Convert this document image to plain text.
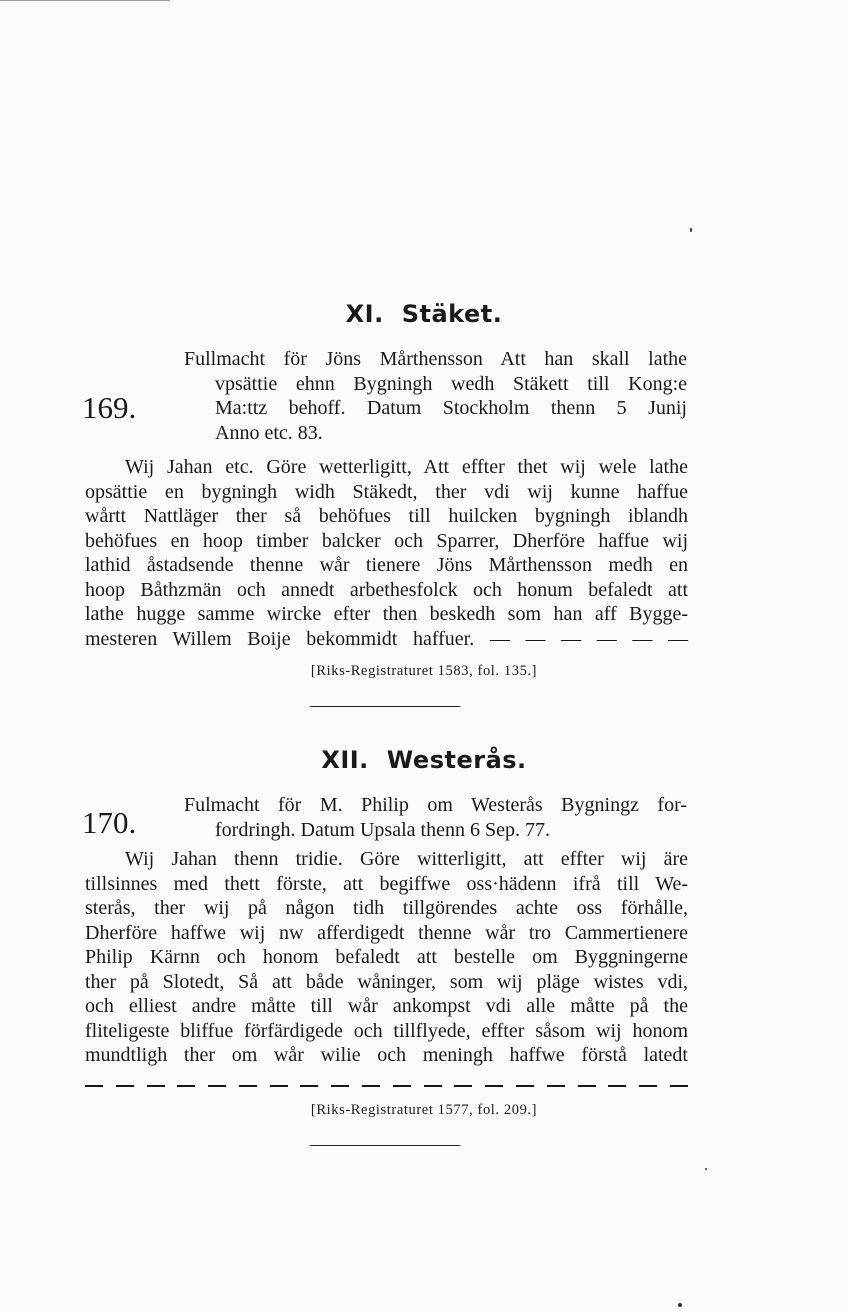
XI. Stäket.
169.
Fullmacht för Jöns Mårthensson Att han skall lathe
vpsättie ehnn Bygningh wedh Stäkett till Kong:e
Ma:ttz behoff. Datum Stockholm thenn 5 Junij
Anno etc. 83.
Wij Jahan etc. Göre wetterligitt, Att effter thet wij wele lathe
opsättie en bygningh widh Stäkedt, ther vdi wij kunne haffue
wårtt Nattläger ther så behöfues till huilcken bygningh iblandh
behöfues en hoop timber balcker och Sparrer, Dherföre haffue wij
lathid åstadsende thenne wår tienere Jöns Mårthensson medh en
hoop Båthzmän och annedt arbethesfolck och honum befaledt att
lathe hugge samme wircke efter then beskedh som han aff Bygge-
mesteren Willem Boije bekommidt haffuer. — — — — — —
[Riks-Registraturet 1583, fol. 135.]
XII. Westerås.
170. Fulmacht för M. Philip om Westerås Bygningz for-
fordringh. Datum Upsala thenn 6 Sep. 77.
Wij Jahan thenn tridie. Göre witterligitt, att effter wij äre
tillsinnes med thett förste, att begiffwe oss·hädenn ifrå till We-
sterås, ther wij på någon tidh tillgörendes achte oss förhålle,
Dherföre haffwe wij nw afferdigedt thenne wår tro Cammertienere
Philip Kärnn och honom befaledt att bestelle om Byggningerne
ther på Slotedt, Så att både wåninger, som wij pläge wistes vdi,
och elliest andre måtte till wår ankompst vdi alle måtte på the
fliteligeste bliffue förfärdigede och tillflyede, effter såsom wij honom
mundtligh ther om wår wilie och meningh haffwe förstå latedt
[Riks-Registraturet 1577, fol. 209.]
